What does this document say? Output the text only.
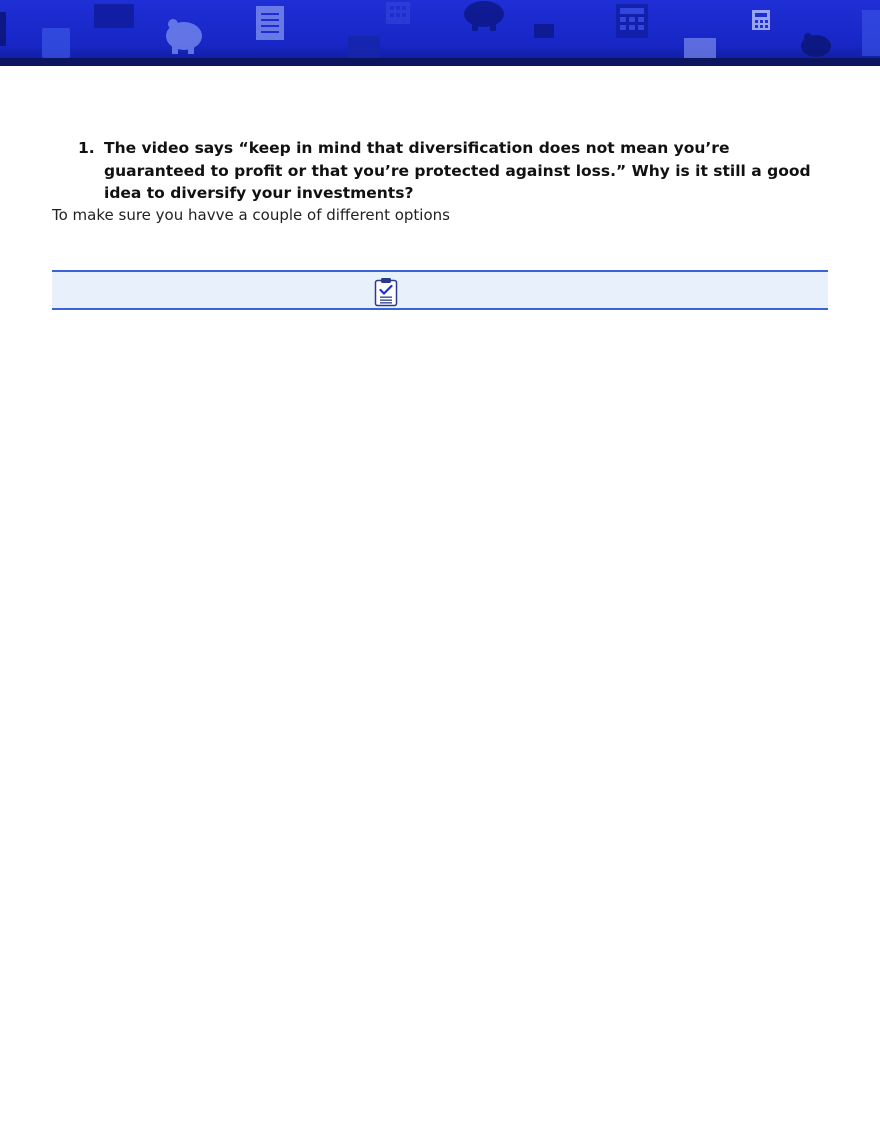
1. The video says “keep in mind that diversification does not mean you’re guaranteed to profit or that you’re protected against loss.” Why is it still a good idea to diversify your investments?
To make sure you havve a couple of different options
